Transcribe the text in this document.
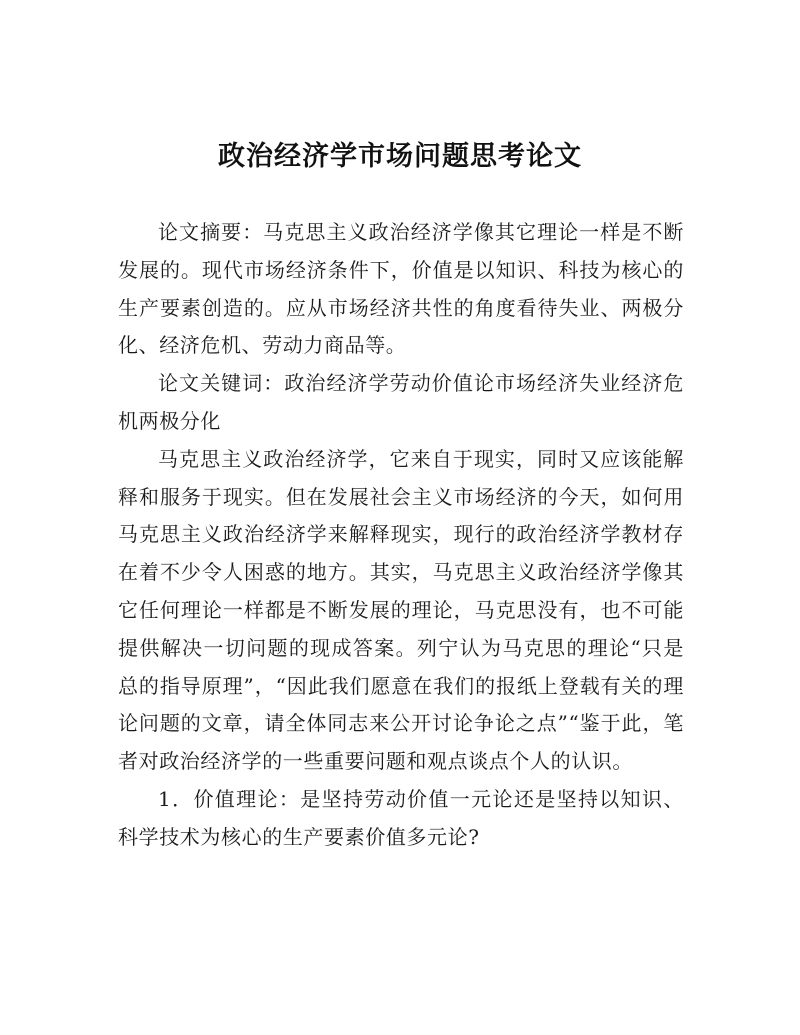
政治经济学市场问题思考论文

论文摘要：马克思主义政治经济学像其它理论一样是不断发展的。现代市场经济条件下，价值是以知识、科技为核心的生产要素创造的。应从市场经济共性的角度看待失业、两极分化、经济危机、劳动力商品等。

论文关键词：政治经济学劳动价值论市场经济失业经济危机两极分化

马克思主义政治经济学，它来自于现实，同时又应该能解释和服务于现实。但在发展社会主义市场经济的今天，如何用马克思主义政治经济学来解释现实，现行的政治经济学教材存在着不少令人困惑的地方。其实，马克思主义政治经济学像其它任何理论一样都是不断发展的理论，马克思没有，也不可能提供解决一切问题的现成答案。列宁认为马克思的理论“只是总的指导原理”，“因此我们愿意在我们的报纸上登载有关的理论问题的文章，请全体同志来公开讨论争论之点”“鉴于此，笔者对政治经济学的一些重要问题和观点谈点个人的认识。

1．价值理论：是坚持劳动价值一元论还是坚持以知识、科学技术为核心的生产要素价值多元论?
